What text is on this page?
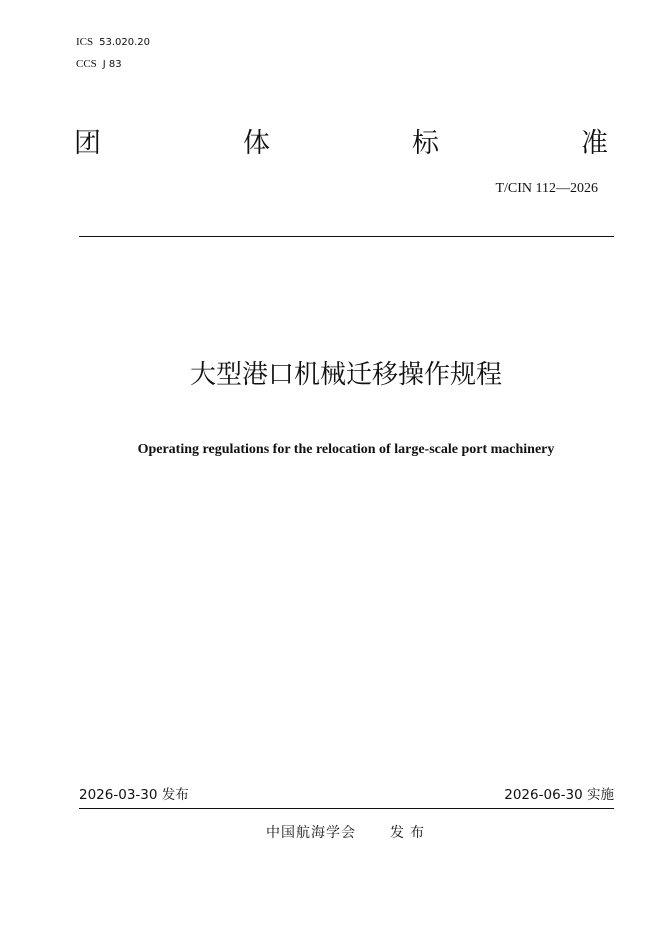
ICS 53.020.20
CCS J 83
团	体	标	准
T/CIN 112—2026
大型港口机械迁移操作规程
Operating regulations for the relocation of large-scale port machinery
2026-03-30 发布	2026-06-30 实施
中国航海学会 发布
